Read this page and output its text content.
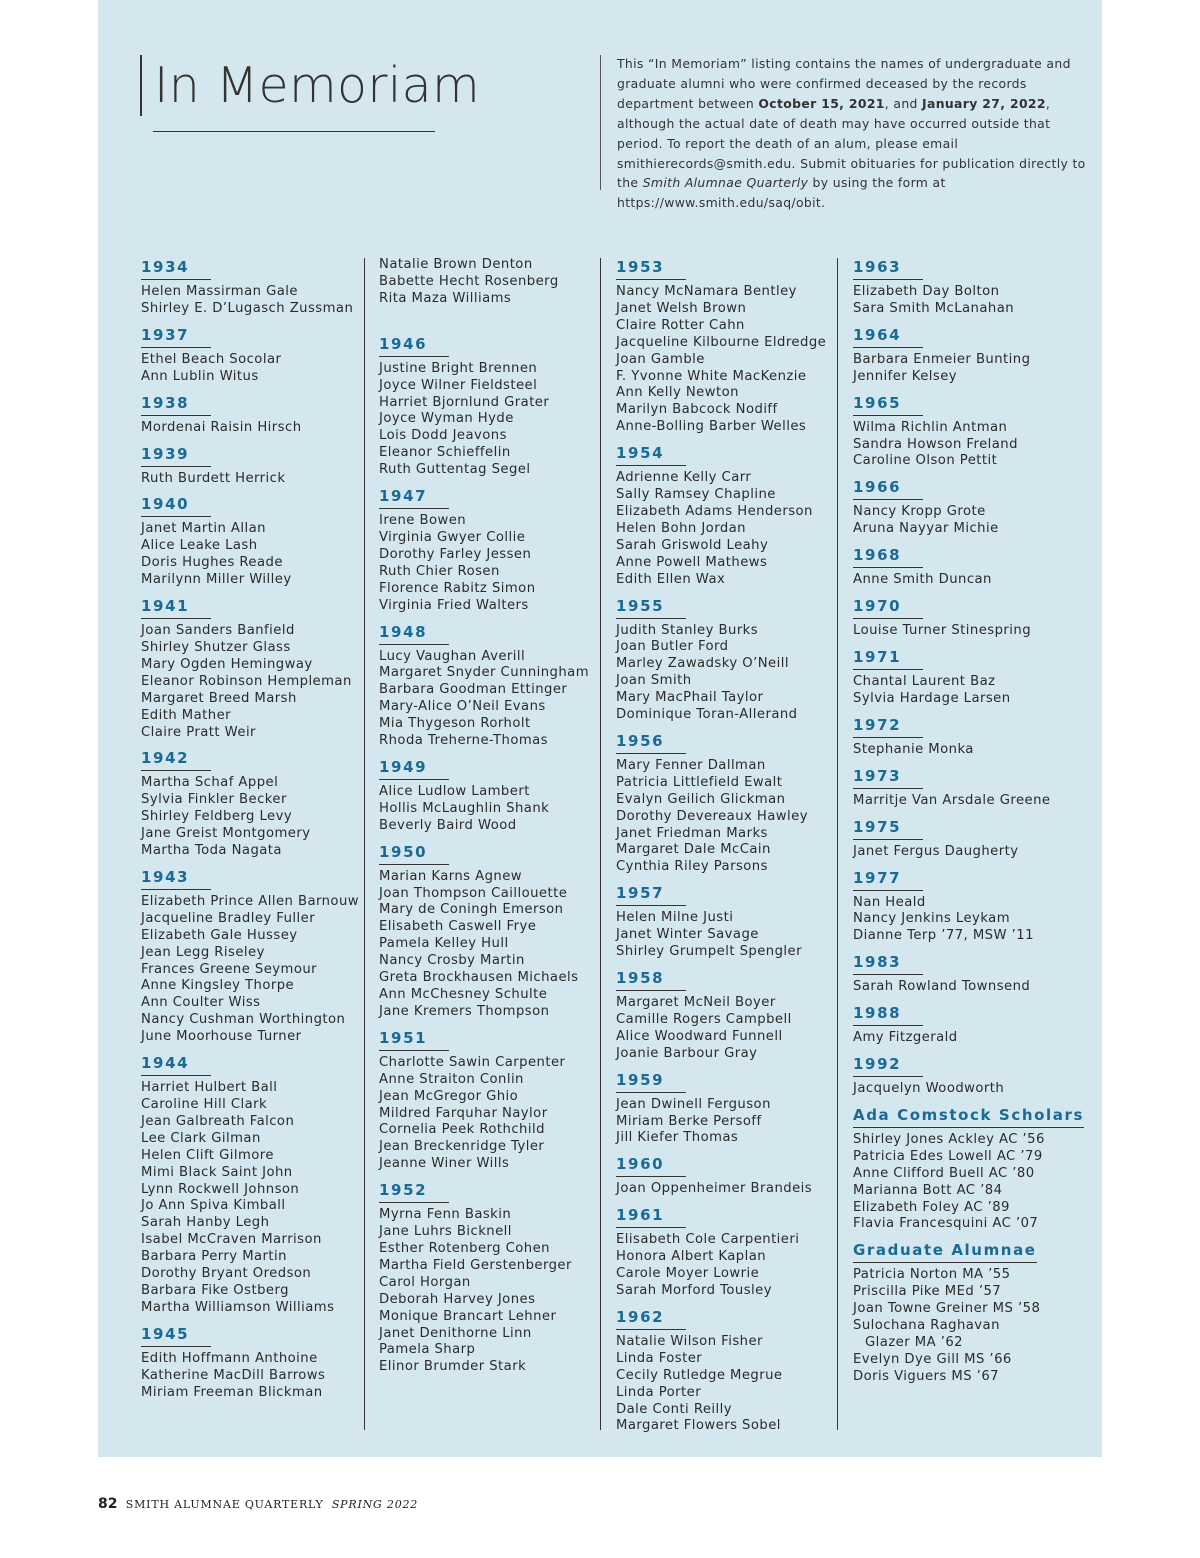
In Memoriam	This “In Memoriam” listing contains the names of undergraduate and graduate alumni who were confirmed deceased by the records department between October 15, 2021, and January 27, 2022, although the actual date of death may have occurred outside that period. To report the death of an alum, please email smithierecords@smith.edu. Submit obituaries for publication directly to the Smith Alumnae Quarterly by using the form at https://www.smith.edu/saq/obit.

1934
Helen Massirman Gale
Shirley E. D’Lugasch Zussman
1937
Ethel Beach Socolar
Ann Lublin Witus
1938
Mordenai Raisin Hirsch
1939
Ruth Burdett Herrick
1940
Janet Martin Allan
Alice Leake Lash
Doris Hughes Reade
Marilynn Miller Willey
1941
Joan Sanders Banfield
Shirley Shutzer Glass
Mary Ogden Hemingway
Eleanor Robinson Hempleman
Margaret Breed Marsh
Edith Mather
Claire Pratt Weir
1942
Martha Schaf Appel
Sylvia Finkler Becker
Shirley Feldberg Levy
Jane Greist Montgomery
Martha Toda Nagata
1943
Elizabeth Prince Allen Barnouw
Jacqueline Bradley Fuller
Elizabeth Gale Hussey
Jean Legg Riseley
Frances Greene Seymour
Anne Kingsley Thorpe
Ann Coulter Wiss
Nancy Cushman Worthington
June Moorhouse Turner
1944
Harriet Hulbert Ball
Caroline Hill Clark
Jean Galbreath Falcon
Lee Clark Gilman
Helen Clift Gilmore
Mimi Black Saint John
Lynn Rockwell Johnson
Jo Ann Spiva Kimball
Sarah Hanby Legh
Isabel McCraven Marrison
Barbara Perry Martin
Dorothy Bryant Oredson
Barbara Fike Ostberg
Martha Williamson Williams
1945
Edith Hoffmann Anthoine
Katherine MacDill Barrows
Miriam Freeman Blickman
Natalie Brown Denton
Babette Hecht Rosenberg
Rita Maza Williams
1946
Justine Bright Brennen
Joyce Wilner Fieldsteel
Harriet Bjornlund Grater
Joyce Wyman Hyde
Lois Dodd Jeavons
Eleanor Schieffelin
Ruth Guttentag Segel
1947
Irene Bowen
Virginia Gwyer Collie
Dorothy Farley Jessen
Ruth Chier Rosen
Florence Rabitz Simon
Virginia Fried Walters
1948
Lucy Vaughan Averill
Margaret Snyder Cunningham
Barbara Goodman Ettinger
Mary-Alice O’Neil Evans
Mia Thygeson Rorholt
Rhoda Treherne-Thomas
1949
Alice Ludlow Lambert
Hollis McLaughlin Shank
Beverly Baird Wood
1950
Marian Karns Agnew
Joan Thompson Caillouette
Mary de Coningh Emerson
Elisabeth Caswell Frye
Pamela Kelley Hull
Nancy Crosby Martin
Greta Brockhausen Michaels
Ann McChesney Schulte
Jane Kremers Thompson
1951
Charlotte Sawin Carpenter
Anne Straiton Conlin
Jean McGregor Ghio
Mildred Farquhar Naylor
Cornelia Peek Rothchild
Jean Breckenridge Tyler
Jeanne Winer Wills
1952
Myrna Fenn Baskin
Jane Luhrs Bicknell
Esther Rotenberg Cohen
Martha Field Gerstenberger
Carol Horgan
Deborah Harvey Jones
Monique Brancart Lehner
Janet Denithorne Linn
Pamela Sharp
Elinor Brumder Stark
1953
Nancy McNamara Bentley
Janet Welsh Brown
Claire Rotter Cahn
Jacqueline Kilbourne Eldredge
Joan Gamble
F. Yvonne White MacKenzie
Ann Kelly Newton
Marilyn Babcock Nodiff
Anne-Bolling Barber Welles
1954
Adrienne Kelly Carr
Sally Ramsey Chapline
Elizabeth Adams Henderson
Helen Bohn Jordan
Sarah Griswold Leahy
Anne Powell Mathews
Edith Ellen Wax
1955
Judith Stanley Burks
Joan Butler Ford
Marley Zawadsky O’Neill
Joan Smith
Mary MacPhail Taylor
Dominique Toran-Allerand
1956
Mary Fenner Dallman
Patricia Littlefield Ewalt
Evalyn Geilich Glickman
Dorothy Devereaux Hawley
Janet Friedman Marks
Margaret Dale McCain
Cynthia Riley Parsons
1957
Helen Milne Justi
Janet Winter Savage
Shirley Grumpelt Spengler
1958
Margaret McNeil Boyer
Camille Rogers Campbell
Alice Woodward Funnell
Joanie Barbour Gray
1959
Jean Dwinell Ferguson
Miriam Berke Persoff
Jill Kiefer Thomas
1960
Joan Oppenheimer Brandeis
1961
Elisabeth Cole Carpentieri
Honora Albert Kaplan
Carole Moyer Lowrie
Sarah Morford Tousley
1962
Natalie Wilson Fisher
Linda Foster
Cecily Rutledge Megrue
Linda Porter
Dale Conti Reilly
Margaret Flowers Sobel
1963
Elizabeth Day Bolton
Sara Smith McLanahan
1964
Barbara Enmeier Bunting
Jennifer Kelsey
1965
Wilma Richlin Antman
Sandra Howson Freland
Caroline Olson Pettit
1966
Nancy Kropp Grote
Aruna Nayyar Michie
1968
Anne Smith Duncan
1970
Louise Turner Stinespring
1971
Chantal Laurent Baz
Sylvia Hardage Larsen
1972
Stephanie Monka
1973
Marritje Van Arsdale Greene
1975
Janet Fergus Daugherty
1977
Nan Heald
Nancy Jenkins Leykam
Dianne Terp ’77, MSW ’11
1983
Sarah Rowland Townsend
1988
Amy Fitzgerald
1992
Jacquelyn Woodworth
Ada Comstock Scholars
Shirley Jones Ackley AC ’56
Patricia Edes Lowell AC ’79
Anne Clifford Buell AC ’80
Marianna Bott AC ’84
Elizabeth Foley AC ’89
Flavia Francesquini AC ’07
Graduate Alumnae
Patricia Norton MA ’55
Priscilla Pike MEd ’57
Joan Towne Greiner MS ’58
Sulochana Raghavan
Glazer MA ’62
Evelyn Dye Gill MS ’66
Doris Viguers MS ’67
82 SMITH ALUMNAE QUARTERLY SPRING 2022
